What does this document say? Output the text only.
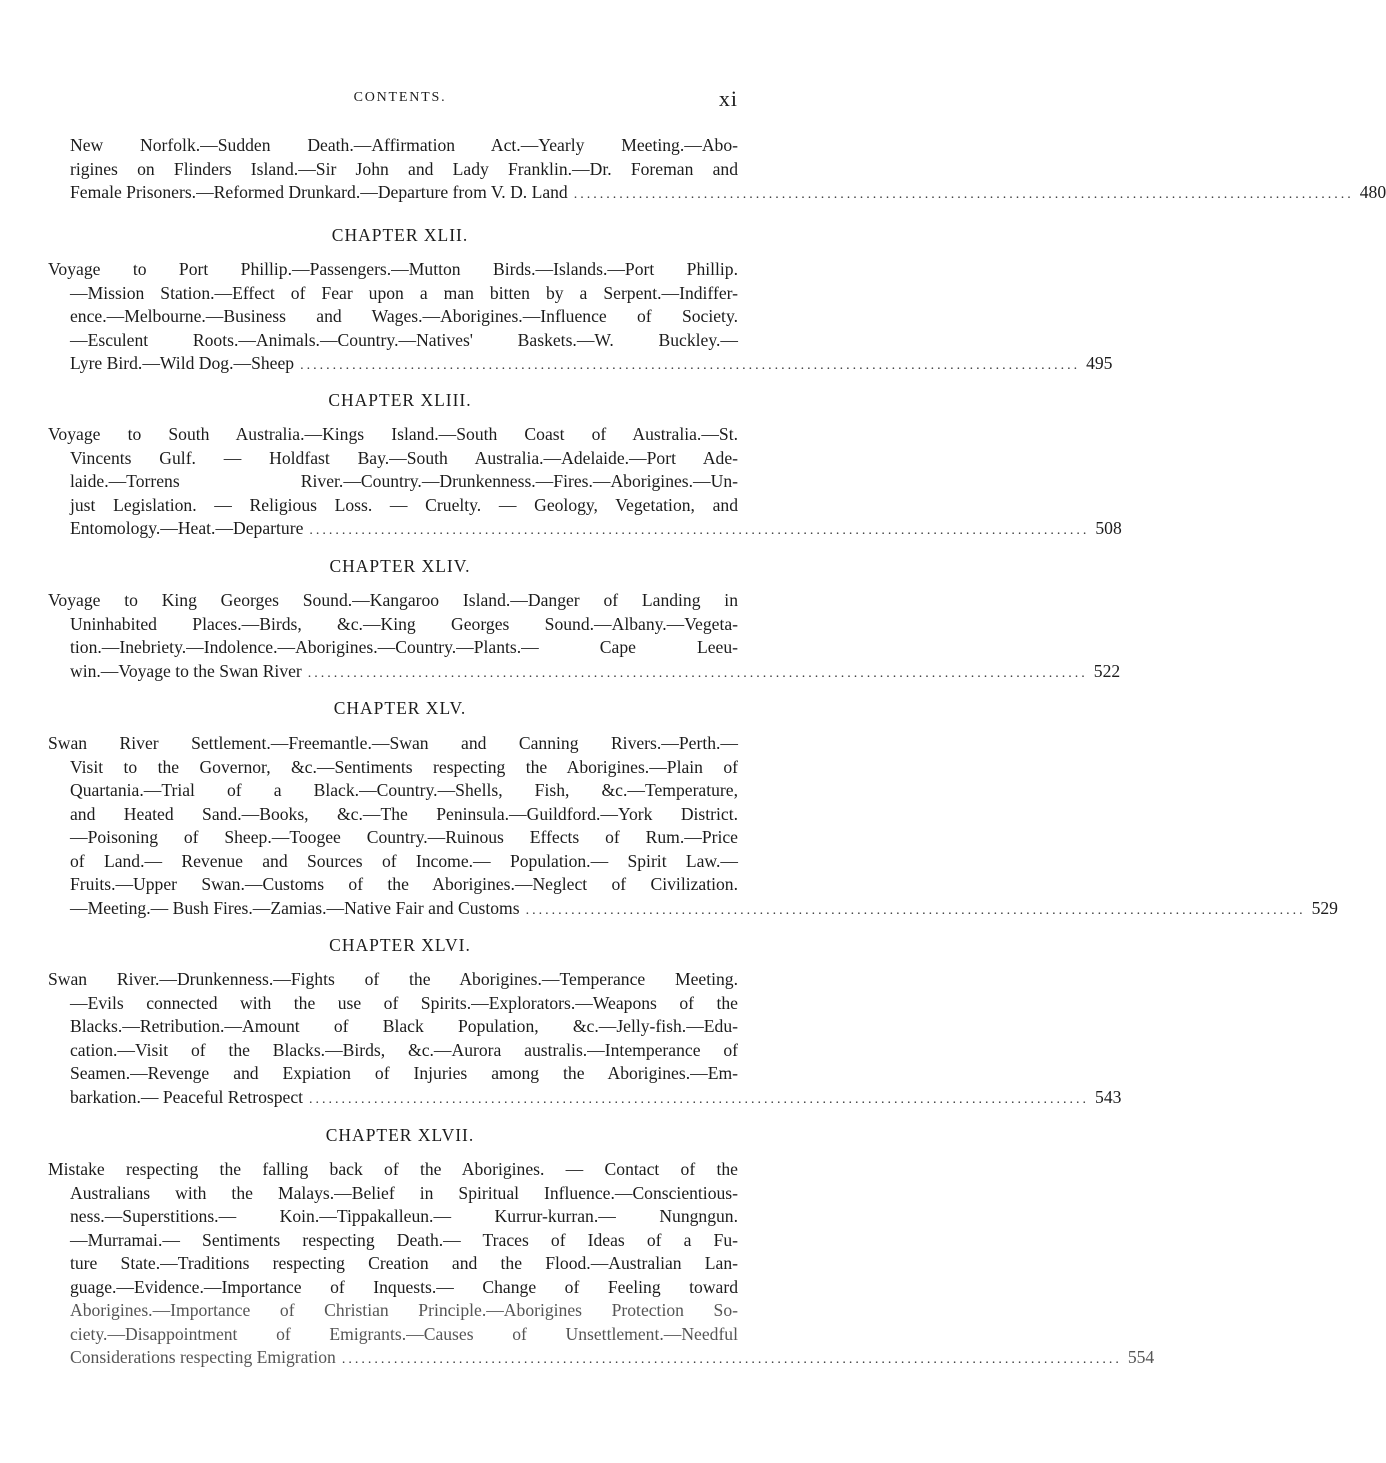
CONTENTS.	xi
New Norfolk.—Sudden Death.—Affirmation Act.—Yearly Meeting.—Abo-
rigines on Flinders Island.—Sir John and Lady Franklin.—Dr. Foreman and
Female Prisoners.—Reformed Drunkard.—Departure from V. D. Land ........................................................................................................................ 480
CHAPTER XLII.
Voyage to Port Phillip.—Passengers.—Mutton Birds.—Islands.—Port Phillip.
—Mission Station.—Effect of Fear upon a man bitten by a Serpent.—Indiffer-
ence.—Melbourne.—Business and Wages.—Aborigines.—Influence of Society.
—Esculent Roots.—Animals.—Country.—Natives' Baskets.—W. Buckley.—
Lyre Bird.—Wild Dog.—Sheep ........................................................................................................................ 495
CHAPTER XLIII.
Voyage to South Australia.—Kings Island.—South Coast of Australia.—St.
Vincents Gulf. — Holdfast Bay.—South Australia.—Adelaide.—Port Ade-
laide.—Torrens River.—Country.—Drunkenness.—Fires.—Aborigines.—Un-
just Legislation. — Religious Loss. — Cruelty. — Geology, Vegetation, and
Entomology.—Heat.—Departure ........................................................................................................................ 508
CHAPTER XLIV.
Voyage to King Georges Sound.—Kangaroo Island.—Danger of Landing in
Uninhabited Places.—Birds, &c.—King Georges Sound.—Albany.—Vegeta-
tion.—Inebriety.—Indolence.—Aborigines.—Country.—Plants.— Cape Leeu-
win.—Voyage to the Swan River ........................................................................................................................ 522
CHAPTER XLV.
Swan River Settlement.—Freemantle.—Swan and Canning Rivers.—Perth.—
Visit to the Governor, &c.—Sentiments respecting the Aborigines.—Plain of
Quartania.—Trial of a Black.—Country.—Shells, Fish, &c.—Temperature,
and Heated Sand.—Books, &c.—The Peninsula.—Guildford.—York District.
—Poisoning of Sheep.—Toogee Country.—Ruinous Effects of Rum.—Price
of Land.— Revenue and Sources of Income.— Population.— Spirit Law.—
Fruits.—Upper Swan.—Customs of the Aborigines.—Neglect of Civilization.
—Meeting.— Bush Fires.—Zamias.—Native Fair and Customs ........................................................................................................................ 529
CHAPTER XLVI.
Swan River.—Drunkenness.—Fights of the Aborigines.—Temperance Meeting.
—Evils connected with the use of Spirits.—Explorators.—Weapons of the
Blacks.—Retribution.—Amount of Black Population, &c.—Jelly-fish.—Edu-
cation.—Visit of the Blacks.—Birds, &c.—Aurora australis.—Intemperance of
Seamen.—Revenge and Expiation of Injuries among the Aborigines.—Em-
barkation.— Peaceful Retrospect ........................................................................................................................ 543
CHAPTER XLVII.
Mistake respecting the falling back of the Aborigines. — Contact of the
Australians with the Malays.—Belief in Spiritual Influence.—Conscientious-
ness.—Superstitions.— Koin.—Tippakalleun.— Kurrur-kurran.— Nungngun.
—Murramai.— Sentiments respecting Death.— Traces of Ideas of a Fu-
ture State.—Traditions respecting Creation and the Flood.—Australian Lan-
guage.—Evidence.—Importance of Inquests.— Change of Feeling toward
Aborigines.—Importance of Christian Principle.—Aborigines Protection So-
ciety.—Disappointment of Emigrants.—Causes of Unsettlement.—Needful
Considerations respecting Emigration ........................................................................................................................ 554
